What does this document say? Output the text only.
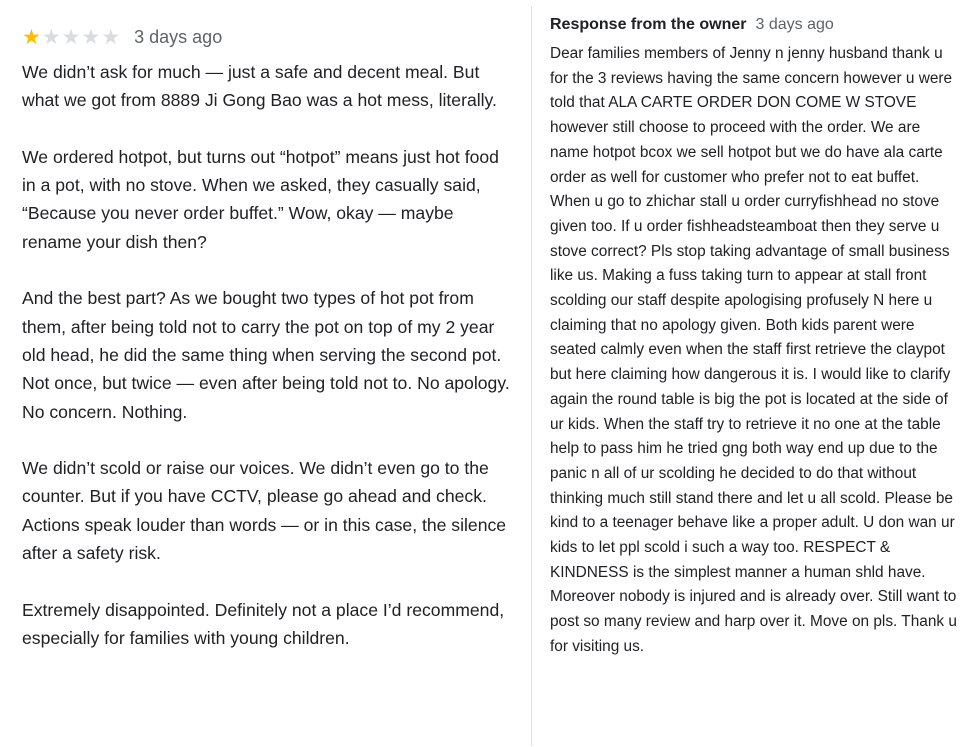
★ ★ ★ ★ ★ 3 days ago

We didn’t ask for much — just a safe and decent meal. But what we got from 8889 Ji Gong Bao was a hot mess, literally.

We ordered hotpot, but turns out “hotpot” means just hot food in a pot, with no stove. When we asked, they casually said, “Because you never order buffet.” Wow, okay — maybe rename your dish then?

And the best part? As we bought two types of hot pot from them, after being told not to carry the pot on top of my 2 year old head, he did the same thing when serving the second pot. Not once, but twice — even after being told not to. No apology. No concern. Nothing.

We didn’t scold or raise our voices. We didn’t even go to the counter. But if you have CCTV, please go ahead and check. Actions speak louder than words — or in this case, the silence after a safety risk.

Extremely disappointed. Definitely not a place I’d recommend, especially for families with young children.

Response from the owner 3 days ago

Dear families members of Jenny n jenny husband thank u for the 3 reviews having the same concern however u were told that ALA CARTE ORDER DON COME W STOVE however still choose to proceed with the order. We are name hotpot bcox we sell hotpot but we do have ala carte order as well for customer who prefer not to eat buffet. When u go to zhichar stall u order curryfishhead no stove given too. If u order fishheadsteamboat then they serve u stove correct? Pls stop taking advantage of small business like us. Making a fuss taking turn to appear at stall front scolding our staff despite apologising profusely N here u claiming that no apology given. Both kids parent were seated calmly even when the staff first retrieve the claypot but here claiming how dangerous it is. I would like to clarify again the round table is big the pot is located at the side of ur kids. When the staff try to retrieve it no one at the table help to pass him he tried gng both way end up due to the panic n all of ur scolding he decided to do that without thinking much still stand there and let u all scold. Please be kind to a teenager behave like a proper adult. U don wan ur kids to let ppl scold i such a way too. RESPECT & KINDNESS is the simplest manner a human shld have. Moreover nobody is injured and is already over. Still want to post so many review and harp over it. Move on pls. Thank u for visiting us.
